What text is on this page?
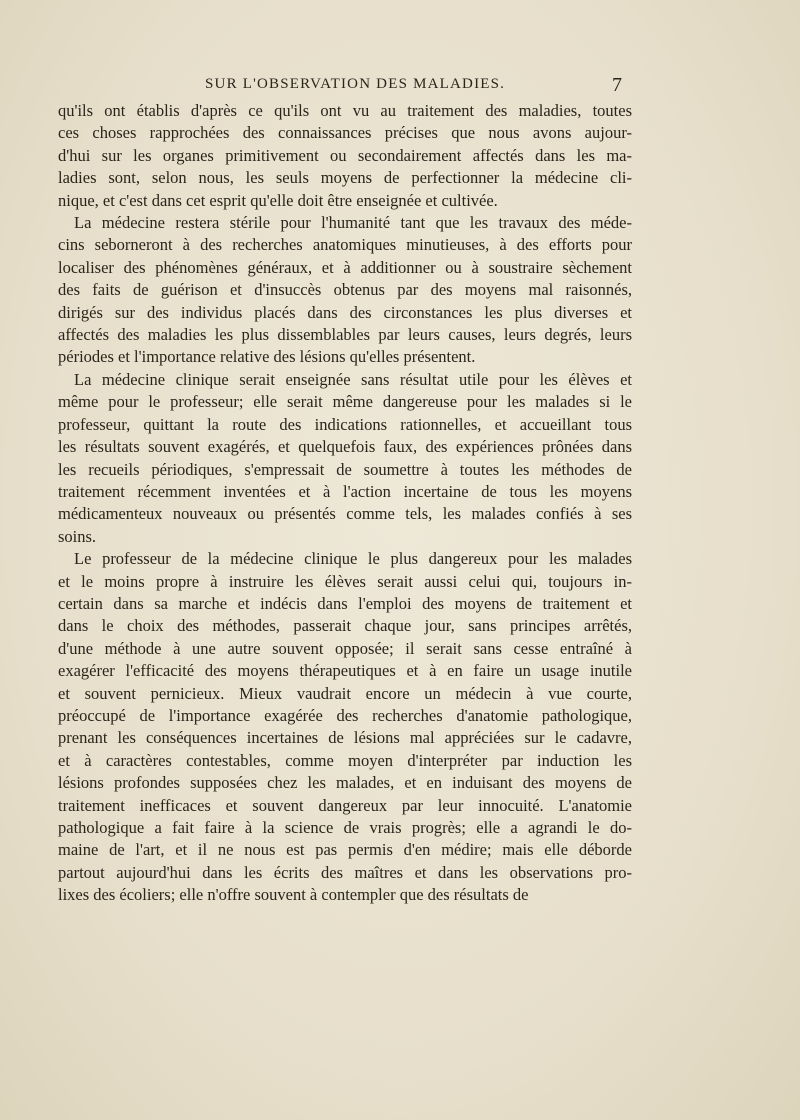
SUR L'OBSERVATION DES MALADIES.	7

qu'ils ont établis d'après ce qu'ils ont vu au traitement des maladies, toutes
ces choses rapprochées des connaissances précises que nous avons aujour-
d'hui sur les organes primitivement ou secondairement affectés dans les ma-
ladies sont, selon nous, les seuls moyens de perfectionner la médecine cli-
nique, et c'est dans cet esprit qu'elle doit être enseignée et cultivée.

La médecine restera stérile pour l'humanité tant que les travaux des méde-
cins seborneront à des recherches anatomiques minutieuses, à des efforts pour
localiser des phénomènes généraux, et à additionner ou à soustraire sèchement
des faits de guérison et d'insuccès obtenus par des moyens mal raisonnés,
dirigés sur des individus placés dans des circonstances les plus diverses et
affectés des maladies les plus dissemblables par leurs causes, leurs degrés, leurs
périodes et l'importance relative des lésions qu'elles présentent.

La médecine clinique serait enseignée sans résultat utile pour les élèves et
même pour le professeur; elle serait même dangereuse pour les malades si le
professeur, quittant la route des indications rationnelles, et accueillant tous
les résultats souvent exagérés, et quelquefois faux, des expériences prônées dans
les recueils périodiques, s'empressait de soumettre à toutes les méthodes de
traitement récemment inventées et à l'action incertaine de tous les moyens
médicamenteux nouveaux ou présentés comme tels, les malades confiés à ses
soins.

Le professeur de la médecine clinique le plus dangereux pour les malades
et le moins propre à instruire les élèves serait aussi celui qui, toujours in-
certain dans sa marche et indécis dans l'emploi des moyens de traitement et
dans le choix des méthodes, passerait chaque jour, sans principes arrêtés,
d'une méthode à une autre souvent opposée; il serait sans cesse entraîné à
exagérer l'efficacité des moyens thérapeutiques et à en faire un usage inutile
et souvent pernicieux. Mieux vaudrait encore un médecin à vue courte,
préoccupé de l'importance exagérée des recherches d'anatomie pathologique,
prenant les conséquences incertaines de lésions mal appréciées sur le cadavre,
et à caractères contestables, comme moyen d'interpréter par induction les
lésions profondes supposées chez les malades, et en induisant des moyens de
traitement inefficaces et souvent dangereux par leur innocuité. L'anatomie
pathologique a fait faire à la science de vrais progrès; elle a agrandi le do-
maine de l'art, et il ne nous est pas permis d'en médire; mais elle déborde
partout aujourd'hui dans les écrits des maîtres et dans les observations pro-
lixes des écoliers; elle n'offre souvent à contempler que des résultats de
